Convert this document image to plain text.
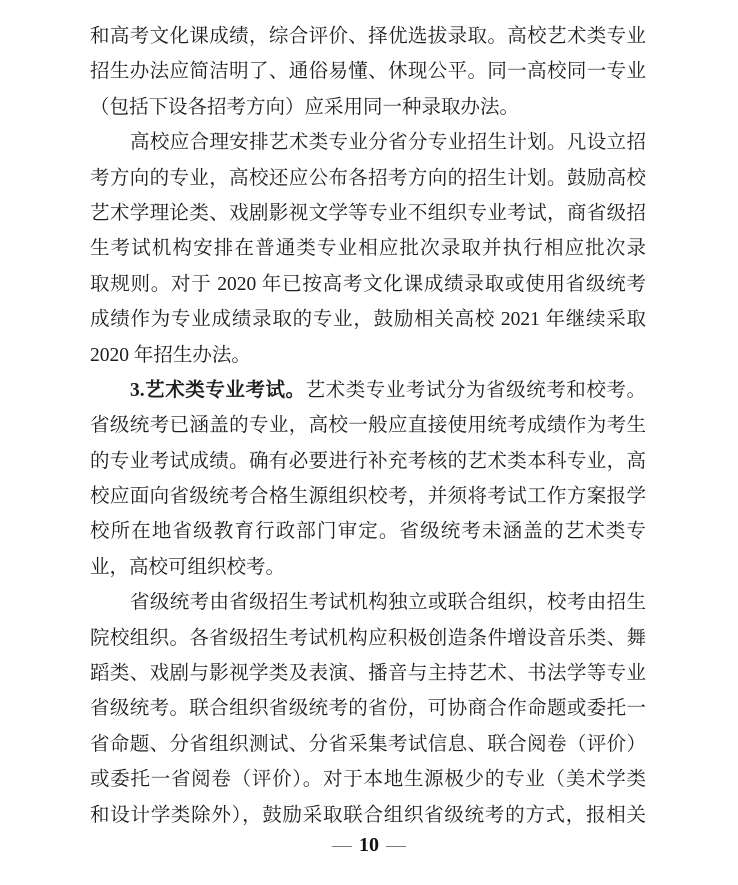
和高考文化课成绩，综合评价、择优选拔录取。高校艺术类专业
招生办法应简洁明了、通俗易懂、休现公平。同一高校同一专业
（包括下设各招考方向）应采用同一种录取办法。
高校应合理安排艺术类专业分省分专业招生计划。凡设立招
考方向的专业，高校还应公布各招考方向的招生计划。鼓励高校
艺术学理论类、戏剧影视文学等专业不组织专业考试，商省级招
生考试机构安排在普通类专业相应批次录取并执行相应批次录
取规则。对于 2020 年已按高考文化课成绩录取或使用省级统考
成绩作为专业成绩录取的专业，鼓励相关高校 2021 年继续采取
2020 年招生办法。
3.艺术类专业考试。艺术类专业考试分为省级统考和校考。
省级统考已涵盖的专业，高校一般应直接使用统考成绩作为考生
的专业考试成绩。确有必要进行补充考核的艺术类本科专业，高
校应面向省级统考合格生源组织校考，并须将考试工作方案报学
校所在地省级教育行政部门审定。省级统考未涵盖的艺术类专
业，高校可组织校考。
省级统考由省级招生考试机构独立或联合组织，校考由招生
院校组织。各省级招生考试机构应积极创造条件增设音乐类、舞
蹈类、戏剧与影视学类及表演、播音与主持艺术、书法学等专业
省级统考。联合组织省级统考的省份，可协商合作命题或委托一
省命题、分省组织测试、分省采集考试信息、联合阅卷（评价）
或委托一省阅卷（评价）。对于本地生源极少的专业（美术学类
和设计学类除外），鼓励采取联合组织省级统考的方式，报相关
— 10 —
